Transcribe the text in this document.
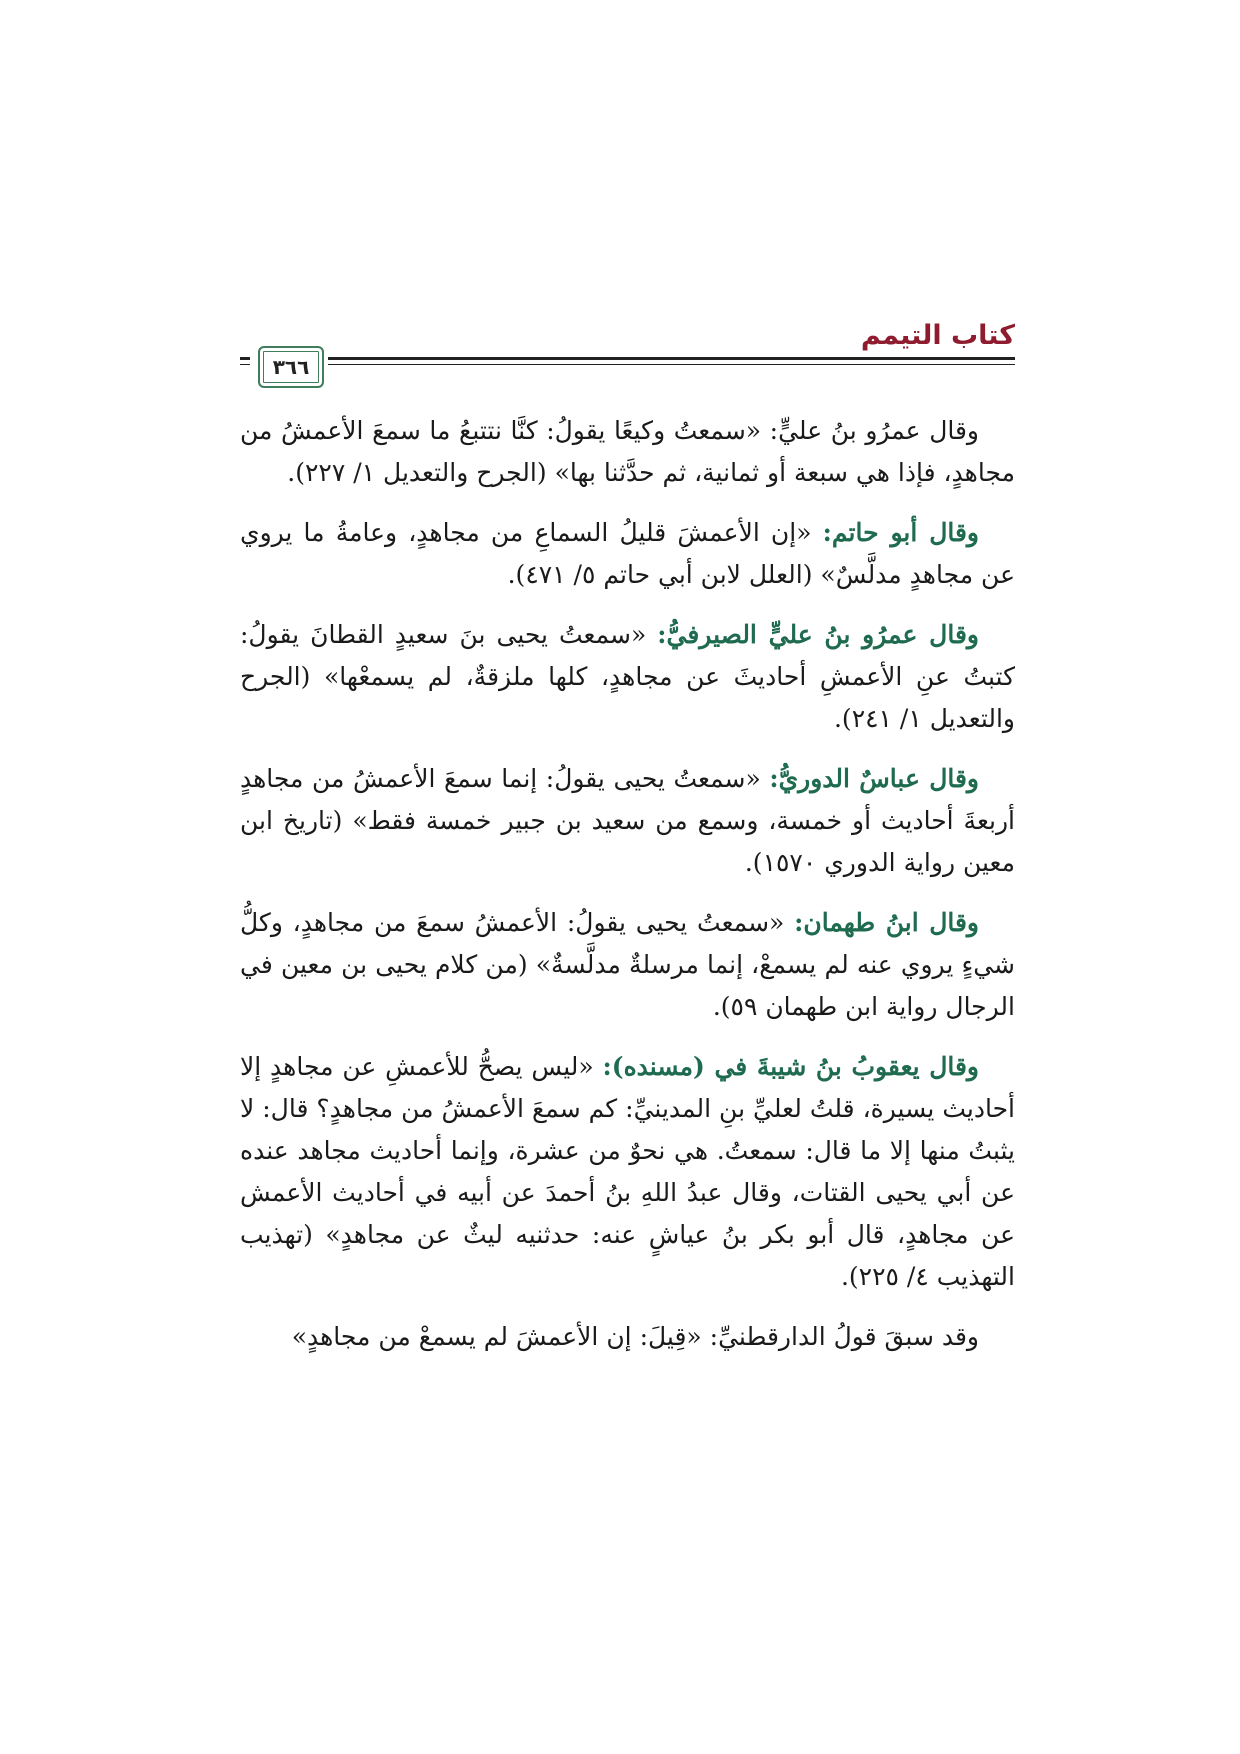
كتاب التيمم
٣٦٦

وقال عمرُو بنُ عليٍّ: «سمعتُ وكيعًا يقولُ: كنَّا نتتبعُ ما سمعَ الأعمشُ من مجاهدٍ، فإذا هي سبعة أو ثمانية، ثم حدَّثنا بها» (الجرح والتعديل ١/ ٢٢٧).

وقال أبو حاتم: «إن الأعمشَ قليلُ السماعِ من مجاهدٍ، وعامةُ ما يروي عن مجاهدٍ مدلَّسٌ» (العلل لابن أبي حاتم ٥/ ٤٧١).

وقال عمرُو بنُ عليٍّ الصيرفيُّ: «سمعتُ يحيى بنَ سعيدٍ القطانَ يقولُ: كتبتُ عنِ الأعمشِ أحاديثَ عن مجاهدٍ، كلها ملزقةٌ، لم يسمعْها» (الجرح والتعديل ١/ ٢٤١).

وقال عباسٌ الدوريُّ: «سمعتُ يحيى يقولُ: إنما سمعَ الأعمشُ من مجاهدٍ أربعةَ أحاديث أو خمسة، وسمع من سعيد بن جبير خمسة فقط» (تاريخ ابن معين رواية الدوري ١٥٧٠).

وقال ابنُ طهمان: «سمعتُ يحيى يقولُ: الأعمشُ سمعَ من مجاهدٍ، وكلُّ شيءٍ يروي عنه لم يسمعْ، إنما مرسلةٌ مدلَّسةٌ» (من كلام يحيى بن معين في الرجال رواية ابن طهمان ٥٩).

وقال يعقوبُ بنُ شيبةَ في (مسنده): «ليس يصحُّ للأعمشِ عن مجاهدٍ إلا أحاديث يسيرة، قلتُ لعليِّ بنِ المدينيِّ: كم سمعَ الأعمشُ من مجاهدٍ؟ قال: لا يثبتُ منها إلا ما قال: سمعتُ. هي نحوٌ من عشرة، وإنما أحاديث مجاهد عنده عن أبي يحيى القتات، وقال عبدُ اللهِ بنُ أحمدَ عن أبيه في أحاديث الأعمش عن مجاهدٍ، قال أبو بكر بنُ عياشٍ عنه: حدثنيه ليثٌ عن مجاهدٍ» (تهذيب التهذيب ٤/ ٢٢٥).

وقد سبقَ قولُ الدارقطنيِّ: «قِيلَ: إن الأعمشَ لم يسمعْ من مجاهدٍ»
